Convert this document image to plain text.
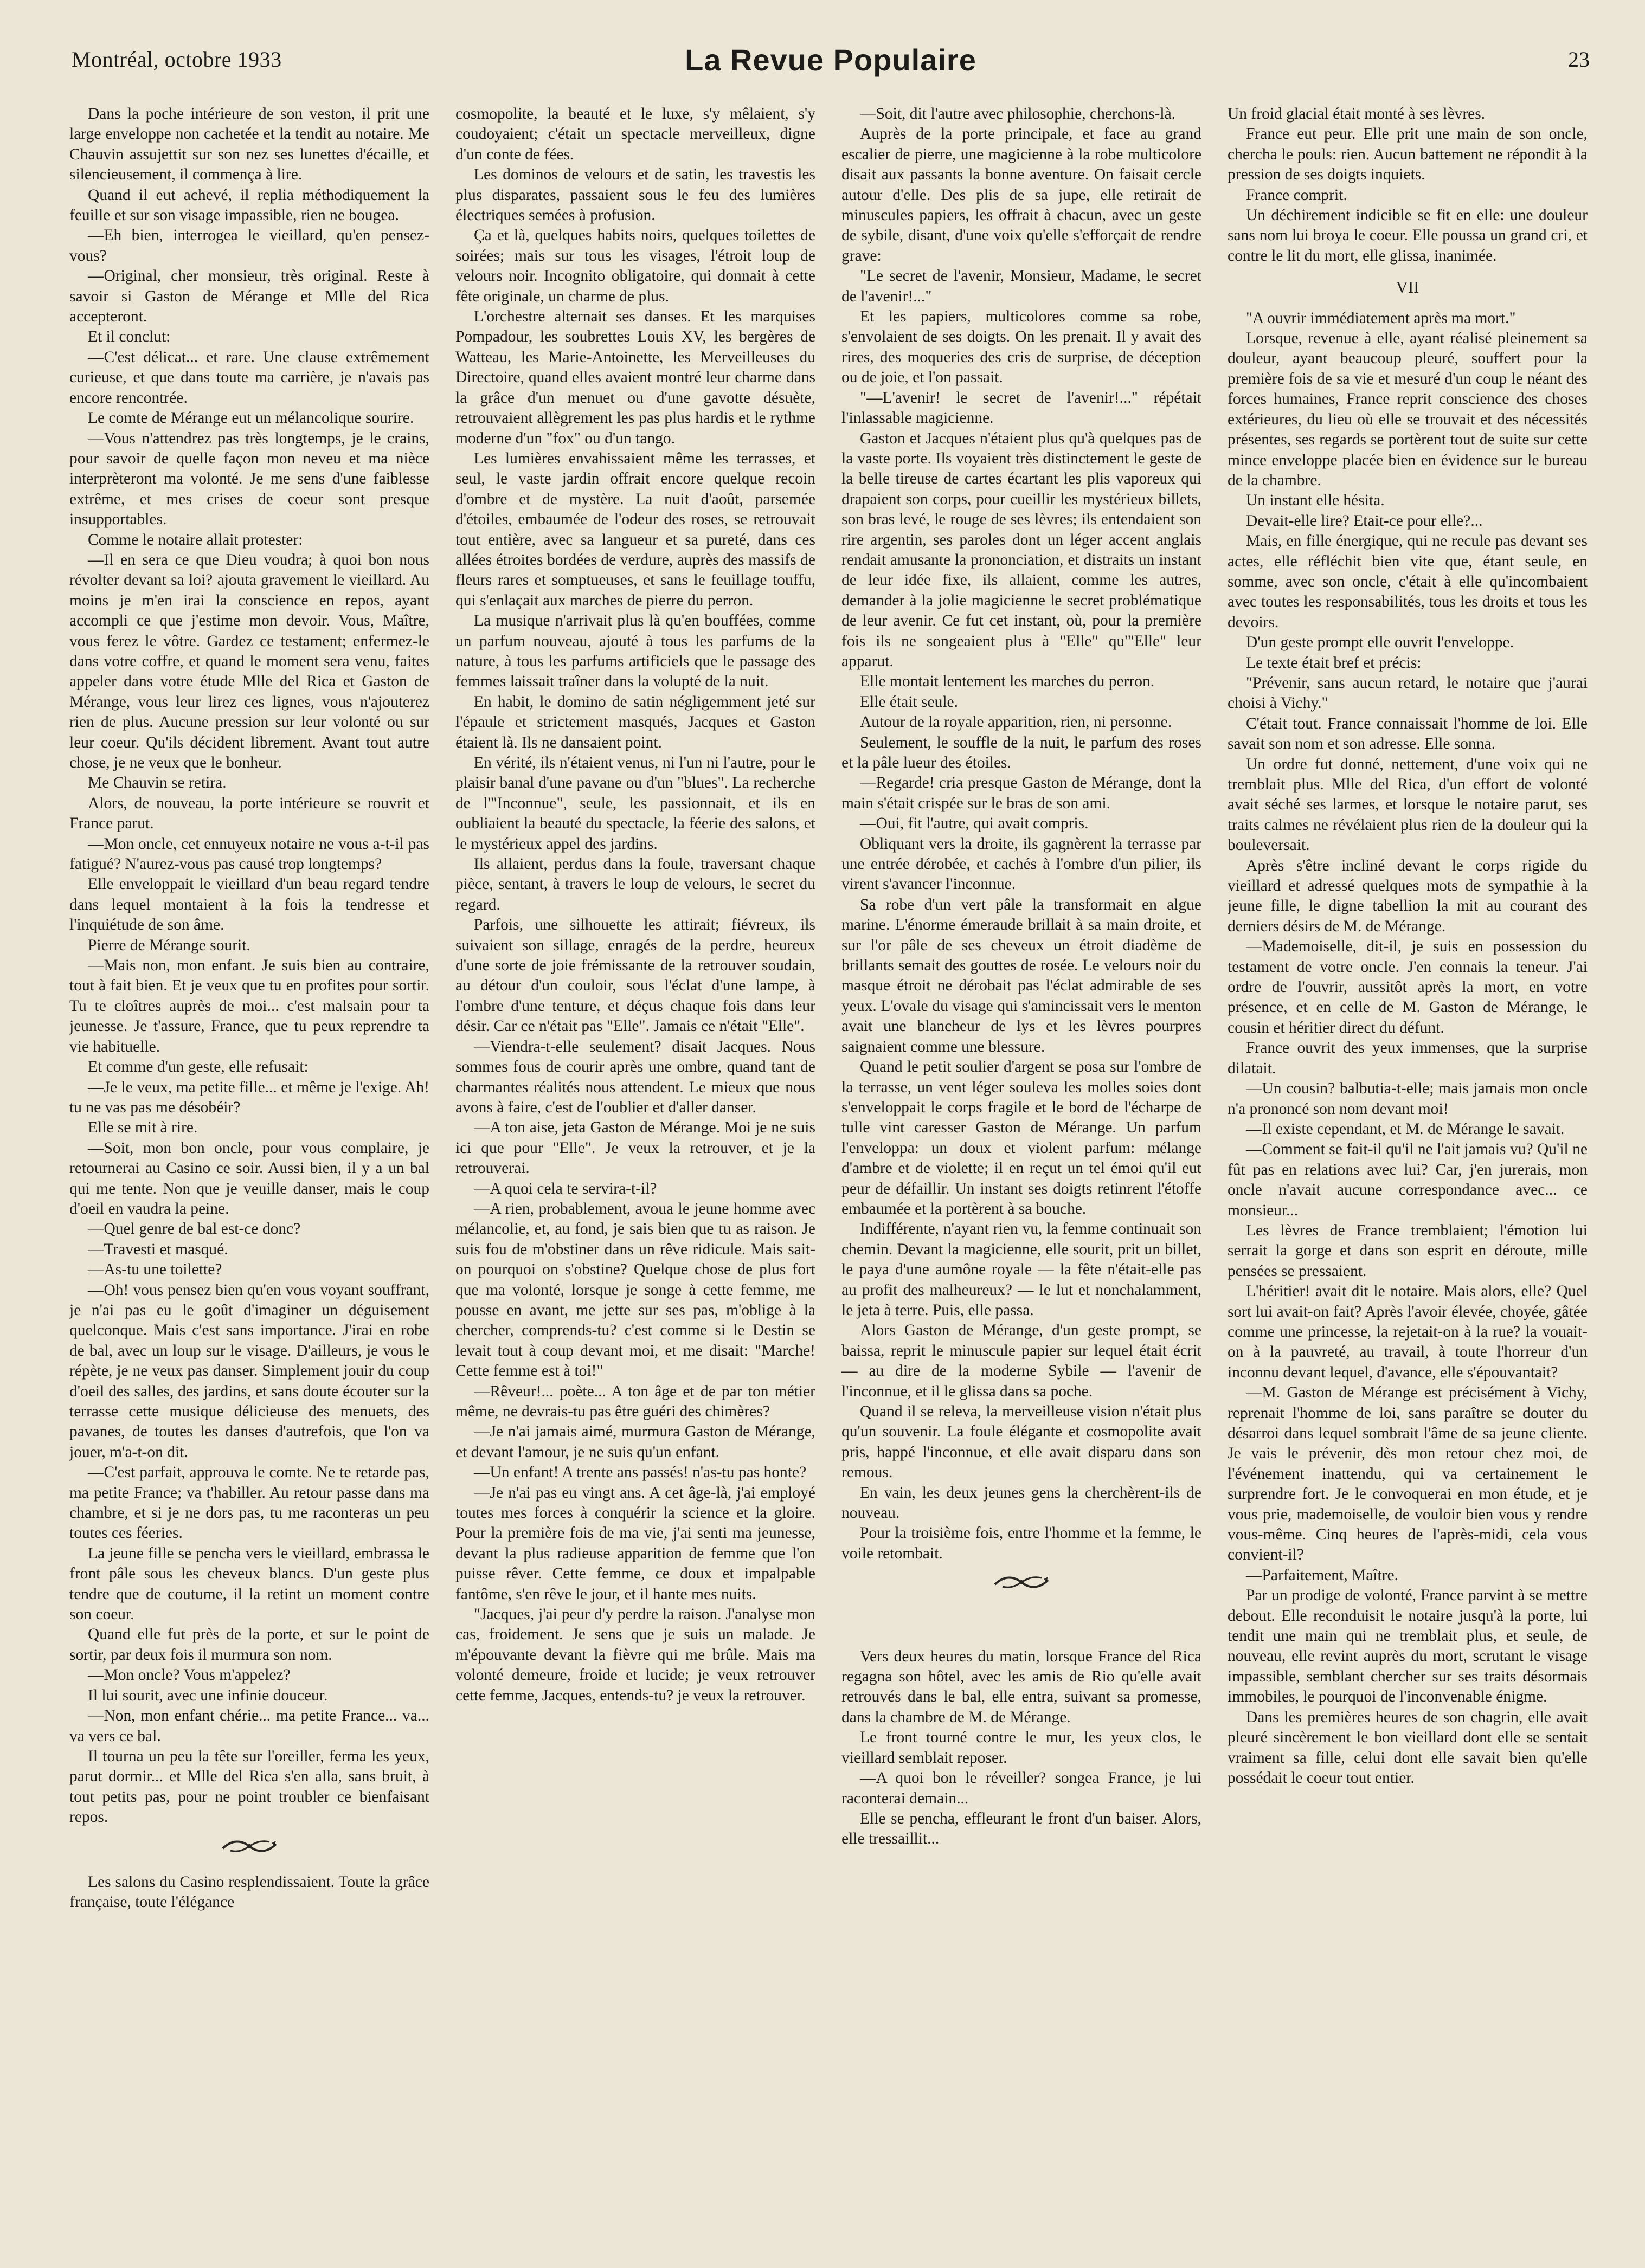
Montréal, octobre 1933	La Revue Populaire	23

Dans la poche intérieure de son veston, il prit une large enveloppe non cachetée et la tendit au notaire. Me Chauvin assujettit sur son nez ses lunettes d'écaille, et silencieusement, il commença à lire.

Quand il eut achevé, il replia méthodiquement la feuille et sur son visage impassible, rien ne bougea.

—Eh bien, interrogea le vieillard, qu'en pensez-vous?

—Original, cher monsieur, très original. Reste à savoir si Gaston de Mérange et Mlle del Rica accepteront.

Et il conclut:

—C'est délicat... et rare. Une clause extrêmement curieuse, et que dans toute ma carrière, je n'avais pas encore rencontrée.

Le comte de Mérange eut un mélancolique sourire.

—Vous n'attendrez pas très longtemps, je le crains, pour savoir de quelle façon mon neveu et ma nièce interprèteront ma volonté. Je me sens d'une faiblesse extrême, et mes crises de coeur sont presque insupportables.

Comme le notaire allait protester:

—Il en sera ce que Dieu voudra; à quoi bon nous révolter devant sa loi? ajouta gravement le vieillard. Au moins je m'en irai la conscience en repos, ayant accompli ce que j'estime mon devoir. Vous, Maître, vous ferez le vôtre. Gardez ce testament; enfermez-le dans votre coffre, et quand le moment sera venu, faites appeler dans votre étude Mlle del Rica et Gaston de Mérange, vous leur lirez ces lignes, vous n'ajouterez rien de plus. Aucune pression sur leur volonté ou sur leur coeur. Qu'ils décident librement. Avant tout autre chose, je ne veux que le bonheur.

Me Chauvin se retira.

Alors, de nouveau, la porte intérieure se rouvrit et France parut.

—Mon oncle, cet ennuyeux notaire ne vous a-t-il pas fatigué? N'aurez-vous pas causé trop longtemps?

Elle enveloppait le vieillard d'un beau regard tendre dans lequel montaient à la fois la tendresse et l'inquiétude de son âme.

Pierre de Mérange sourit.

—Mais non, mon enfant. Je suis bien au contraire, tout à fait bien. Et je veux que tu en profites pour sortir. Tu te cloîtres auprès de moi... c'est malsain pour ta jeunesse. Je t'assure, France, que tu peux reprendre ta vie habituelle.

Et comme d'un geste, elle refusait:

—Je le veux, ma petite fille... et même je l'exige. Ah! tu ne vas pas me désobéir?

Elle se mit à rire.

—Soit, mon bon oncle, pour vous complaire, je retournerai au Casino ce soir. Aussi bien, il y a un bal qui me tente. Non que je veuille danser, mais le coup d'oeil en vaudra la peine.

—Quel genre de bal est-ce donc?

—Travesti et masqué.

—As-tu une toilette?

—Oh! vous pensez bien qu'en vous voyant souffrant, je n'ai pas eu le goût d'imaginer un déguisement quelconque. Mais c'est sans importance. J'irai en robe de bal, avec un loup sur le visage. D'ailleurs, je vous le répète, je ne veux pas danser. Simplement jouir du coup d'oeil des salles, des jardins, et sans doute écouter sur la terrasse cette musique délicieuse des menuets, des pavanes, de toutes les danses d'autrefois, que l'on va jouer, m'a-t-on dit.

—C'est parfait, approuva le comte. Ne te retarde pas, ma petite France; va t'habiller. Au retour passe dans ma chambre, et si je ne dors pas, tu me raconteras un peu toutes ces féeries.

La jeune fille se pencha vers le vieillard, embrassa le front pâle sous les cheveux blancs. D'un geste plus tendre que de coutume, il la retint un moment contre son coeur.

Quand elle fut près de la porte, et sur le point de sortir, par deux fois il murmura son nom.

—Mon oncle? Vous m'appelez?

Il lui sourit, avec une infinie douceur.

—Non, mon enfant chérie... ma petite France... va... va vers ce bal.

Il tourna un peu la tête sur l'oreiller, ferma les yeux, parut dormir... et Mlle del Rica s'en alla, sans bruit, à tout petits pas, pour ne point troubler ce bienfaisant repos.

Les salons du Casino resplendissaient. Toute la grâce française, toute l'élégance

cosmopolite, la beauté et le luxe, s'y mêlaient, s'y coudoyaient; c'était un spectacle merveilleux, digne d'un conte de fées.

Les dominos de velours et de satin, les travestis les plus disparates, passaient sous le feu des lumières électriques semées à profusion.

Ça et là, quelques habits noirs, quelques toilettes de soirées; mais sur tous les visages, l'étroit loup de velours noir. Incognito obligatoire, qui donnait à cette fête originale, un charme de plus.

L'orchestre alternait ses danses. Et les marquises Pompadour, les soubrettes Louis XV, les bergères de Watteau, les Marie-Antoinette, les Merveilleuses du Directoire, quand elles avaient montré leur charme dans la grâce d'un menuet ou d'une gavotte désuète, retrouvaient allègrement les pas plus hardis et le rythme moderne d'un "fox" ou d'un tango.

Les lumières envahissaient même les terrasses, et seul, le vaste jardin offrait encore quelque recoin d'ombre et de mystère. La nuit d'août, parsemée d'étoiles, embaumée de l'odeur des roses, se retrouvait tout entière, avec sa langueur et sa pureté, dans ces allées étroites bordées de verdure, auprès des massifs de fleurs rares et somptueuses, et sans le feuillage touffu, qui s'enlaçait aux marches de pierre du perron.

La musique n'arrivait plus là qu'en bouffées, comme un parfum nouveau, ajouté à tous les parfums de la nature, à tous les parfums artificiels que le passage des femmes laissait traîner dans la volupté de la nuit.

En habit, le domino de satin négligemment jeté sur l'épaule et strictement masqués, Jacques et Gaston étaient là. Ils ne dansaient point.

En vérité, ils n'étaient venus, ni l'un ni l'autre, pour le plaisir banal d'une pavane ou d'un "blues". La recherche de l'"Inconnue", seule, les passionnait, et ils en oubliaient la beauté du spectacle, la féerie des salons, et le mystérieux appel des jardins.

Ils allaient, perdus dans la foule, traversant chaque pièce, sentant, à travers le loup de velours, le secret du regard.

Parfois, une silhouette les attirait; fiévreux, ils suivaient son sillage, enragés de la perdre, heureux d'une sorte de joie frémissante de la retrouver soudain, au détour d'un couloir, sous l'éclat d'une lampe, à l'ombre d'une tenture, et déçus chaque fois dans leur désir. Car ce n'était pas "Elle". Jamais ce n'était "Elle".

—Viendra-t-elle seulement? disait Jacques. Nous sommes fous de courir après une ombre, quand tant de charmantes réalités nous attendent. Le mieux que nous avons à faire, c'est de l'oublier et d'aller danser.

—A ton aise, jeta Gaston de Mérange. Moi je ne suis ici que pour "Elle". Je veux la retrouver, et je la retrouverai.

—A quoi cela te servira-t-il?

—A rien, probablement, avoua le jeune homme avec mélancolie, et, au fond, je sais bien que tu as raison. Je suis fou de m'obstiner dans un rêve ridicule. Mais sait-on pourquoi on s'obstine? Quelque chose de plus fort que ma volonté, lorsque je songe à cette femme, me pousse en avant, me jette sur ses pas, m'oblige à la chercher, comprends-tu? c'est comme si le Destin se levait tout à coup devant moi, et me disait: "Marche! Cette femme est à toi!"

—Rêveur!... poète... A ton âge et de par ton métier même, ne devrais-tu pas être guéri des chimères?

—Je n'ai jamais aimé, murmura Gaston de Mérange, et devant l'amour, je ne suis qu'un enfant.

—Un enfant! A trente ans passés! n'as-tu pas honte?

—Je n'ai pas eu vingt ans. A cet âge-là, j'ai employé toutes mes forces à conquérir la science et la gloire. Pour la première fois de ma vie, j'ai senti ma jeunesse, devant la plus radieuse apparition de femme que l'on puisse rêver. Cette femme, ce doux et impalpable fantôme, s'en rêve le jour, et il hante mes nuits.

"Jacques, j'ai peur d'y perdre la raison. J'analyse mon cas, froidement. Je sens que je suis un malade. Je m'épouvante devant la fièvre qui me brûle. Mais ma volonté demeure, froide et lucide; je veux retrouver cette femme, Jacques, entends-tu? je veux la retrouver.

—Soit, dit l'autre avec philosophie, cherchons-là.

Auprès de la porte principale, et face au grand escalier de pierre, une magicienne à la robe multicolore disait aux passants la bonne aventure. On faisait cercle autour d'elle. Des plis de sa jupe, elle retirait de minuscules papiers, les offrait à chacun, avec un geste de sybile, disant, d'une voix qu'elle s'efforçait de rendre grave:

"Le secret de l'avenir, Monsieur, Madame, le secret de l'avenir!..."

Et les papiers, multicolores comme sa robe, s'envolaient de ses doigts. On les prenait. Il y avait des rires, des moqueries des cris de surprise, de déception ou de joie, et l'on passait.

"—L'avenir! le secret de l'avenir!..." répétait l'inlassable magicienne.

Gaston et Jacques n'étaient plus qu'à quelques pas de la vaste porte. Ils voyaient très distinctement le geste de la belle tireuse de cartes écartant les plis vaporeux qui drapaient son corps, pour cueillir les mystérieux billets, son bras levé, le rouge de ses lèvres; ils entendaient son rire argentin, ses paroles dont un léger accent anglais rendait amusante la prononciation, et distraits un instant de leur idée fixe, ils allaient, comme les autres, demander à la jolie magicienne le secret problématique de leur avenir. Ce fut cet instant, où, pour la première fois ils ne songeaient plus à "Elle" qu'"Elle" leur apparut.

Elle montait lentement les marches du perron.

Elle était seule.

Autour de la royale apparition, rien, ni personne.

Seulement, le souffle de la nuit, le parfum des roses et la pâle lueur des étoiles.

—Regarde! cria presque Gaston de Mérange, dont la main s'était crispée sur le bras de son ami.

—Oui, fit l'autre, qui avait compris.

Obliquant vers la droite, ils gagnèrent la terrasse par une entrée dérobée, et cachés à l'ombre d'un pilier, ils virent s'avancer l'inconnue.

Sa robe d'un vert pâle la transformait en algue marine. L'énorme émeraude brillait à sa main droite, et sur l'or pâle de ses cheveux un étroit diadème de brillants semait des gouttes de rosée. Le velours noir du masque étroit ne dérobait pas l'éclat admirable de ses yeux. L'ovale du visage qui s'amincissait vers le menton avait une blancheur de lys et les lèvres pourpres saignaient comme une blessure.

Quand le petit soulier d'argent se posa sur l'ombre de la terrasse, un vent léger souleva les molles soies dont s'enveloppait le corps fragile et le bord de l'écharpe de tulle vint caresser Gaston de Mérange. Un parfum l'enveloppa: un doux et violent parfum: mélange d'ambre et de violette; il en reçut un tel émoi qu'il eut peur de défaillir. Un instant ses doigts retinrent l'étoffe embaumée et la portèrent à sa bouche.

Indifférente, n'ayant rien vu, la femme continuait son chemin. Devant la magicienne, elle sourit, prit un billet, le paya d'une aumône royale — la fête n'était-elle pas au profit des malheureux? — le lut et nonchalamment, le jeta à terre. Puis, elle passa.

Alors Gaston de Mérange, d'un geste prompt, se baissa, reprit le minuscule papier sur lequel était écrit — au dire de la moderne Sybile — l'avenir de l'inconnue, et il le glissa dans sa poche.

Quand il se releva, la merveilleuse vision n'était plus qu'un souvenir. La foule élégante et cosmopolite avait pris, happé l'inconnue, et elle avait disparu dans son remous.

En vain, les deux jeunes gens la cherchèrent-ils de nouveau.

Pour la troisième fois, entre l'homme et la femme, le voile retombait.

Vers deux heures du matin, lorsque France del Rica regagna son hôtel, avec les amis de Rio qu'elle avait retrouvés dans le bal, elle entra, suivant sa promesse, dans la chambre de M. de Mérange.

Le front tourné contre le mur, les yeux clos, le vieillard semblait reposer.

—A quoi bon le réveiller? songea France, je lui raconterai demain...

Elle se pencha, effleurant le front d'un baiser. Alors, elle tressaillit...

Un froid glacial était monté à ses lèvres.

France eut peur. Elle prit une main de son oncle, chercha le pouls: rien. Aucun battement ne répondit à la pression de ses doigts inquiets.

France comprit.

Un déchirement indicible se fit en elle: une douleur sans nom lui broya le coeur. Elle poussa un grand cri, et contre le lit du mort, elle glissa, inanimée.

VII

"A ouvrir immédiatement après ma mort."

Lorsque, revenue à elle, ayant réalisé pleinement sa douleur, ayant beaucoup pleuré, souffert pour la première fois de sa vie et mesuré d'un coup le néant des forces humaines, France reprit conscience des choses extérieures, du lieu où elle se trouvait et des nécessités présentes, ses regards se portèrent tout de suite sur cette mince enveloppe placée bien en évidence sur le bureau de la chambre.

Un instant elle hésita.

Devait-elle lire? Etait-ce pour elle?...

Mais, en fille énergique, qui ne recule pas devant ses actes, elle réfléchit bien vite que, étant seule, en somme, avec son oncle, c'était à elle qu'incombaient avec toutes les responsabilités, tous les droits et tous les devoirs.

D'un geste prompt elle ouvrit l'enveloppe.

Le texte était bref et précis:

"Prévenir, sans aucun retard, le notaire que j'aurai choisi à Vichy."

C'était tout. France connaissait l'homme de loi. Elle savait son nom et son adresse. Elle sonna.

Un ordre fut donné, nettement, d'une voix qui ne tremblait plus. Mlle del Rica, d'un effort de volonté avait séché ses larmes, et lorsque le notaire parut, ses traits calmes ne révélaient plus rien de la douleur qui la bouleversait.

Après s'être incliné devant le corps rigide du vieillard et adressé quelques mots de sympathie à la jeune fille, le digne tabellion la mit au courant des derniers désirs de M. de Mérange.

—Mademoiselle, dit-il, je suis en possession du testament de votre oncle. J'en connais la teneur. J'ai ordre de l'ouvrir, aussitôt après la mort, en votre présence, et en celle de M. Gaston de Mérange, le cousin et héritier direct du défunt.

France ouvrit des yeux immenses, que la surprise dilatait.

—Un cousin? balbutia-t-elle; mais jamais mon oncle n'a prononcé son nom devant moi!

—Il existe cependant, et M. de Mérange le savait.

—Comment se fait-il qu'il ne l'ait jamais vu? Qu'il ne fût pas en relations avec lui? Car, j'en jurerais, mon oncle n'avait aucune correspondance avec... ce monsieur...

Les lèvres de France tremblaient; l'émotion lui serrait la gorge et dans son esprit en déroute, mille pensées se pressaient.

L'héritier! avait dit le notaire. Mais alors, elle? Quel sort lui avait-on fait? Après l'avoir élevée, choyée, gâtée comme une princesse, la rejetait-on à la rue? la vouait-on à la pauvreté, au travail, à toute l'horreur d'un inconnu devant lequel, d'avance, elle s'épouvantait?

—M. Gaston de Mérange est précisément à Vichy, reprenait l'homme de loi, sans paraître se douter du désarroi dans lequel sombrait l'âme de sa jeune cliente. Je vais le prévenir, dès mon retour chez moi, de l'événement inattendu, qui va certainement le surprendre fort. Je le convoquerai en mon étude, et je vous prie, mademoiselle, de vouloir bien vous y rendre vous-même. Cinq heures de l'après-midi, cela vous convient-il?

—Parfaitement, Maître.

Par un prodige de volonté, France parvint à se mettre debout. Elle reconduisit le notaire jusqu'à la porte, lui tendit une main qui ne tremblait plus, et seule, de nouveau, elle revint auprès du mort, scrutant le visage impassible, semblant chercher sur ses traits désormais immobiles, le pourquoi de l'inconvenable énigme.

Dans les premières heures de son chagrin, elle avait pleuré sincèrement le bon vieillard dont elle se sentait vraiment sa fille, celui dont elle savait bien qu'elle possédait le coeur tout entier.
